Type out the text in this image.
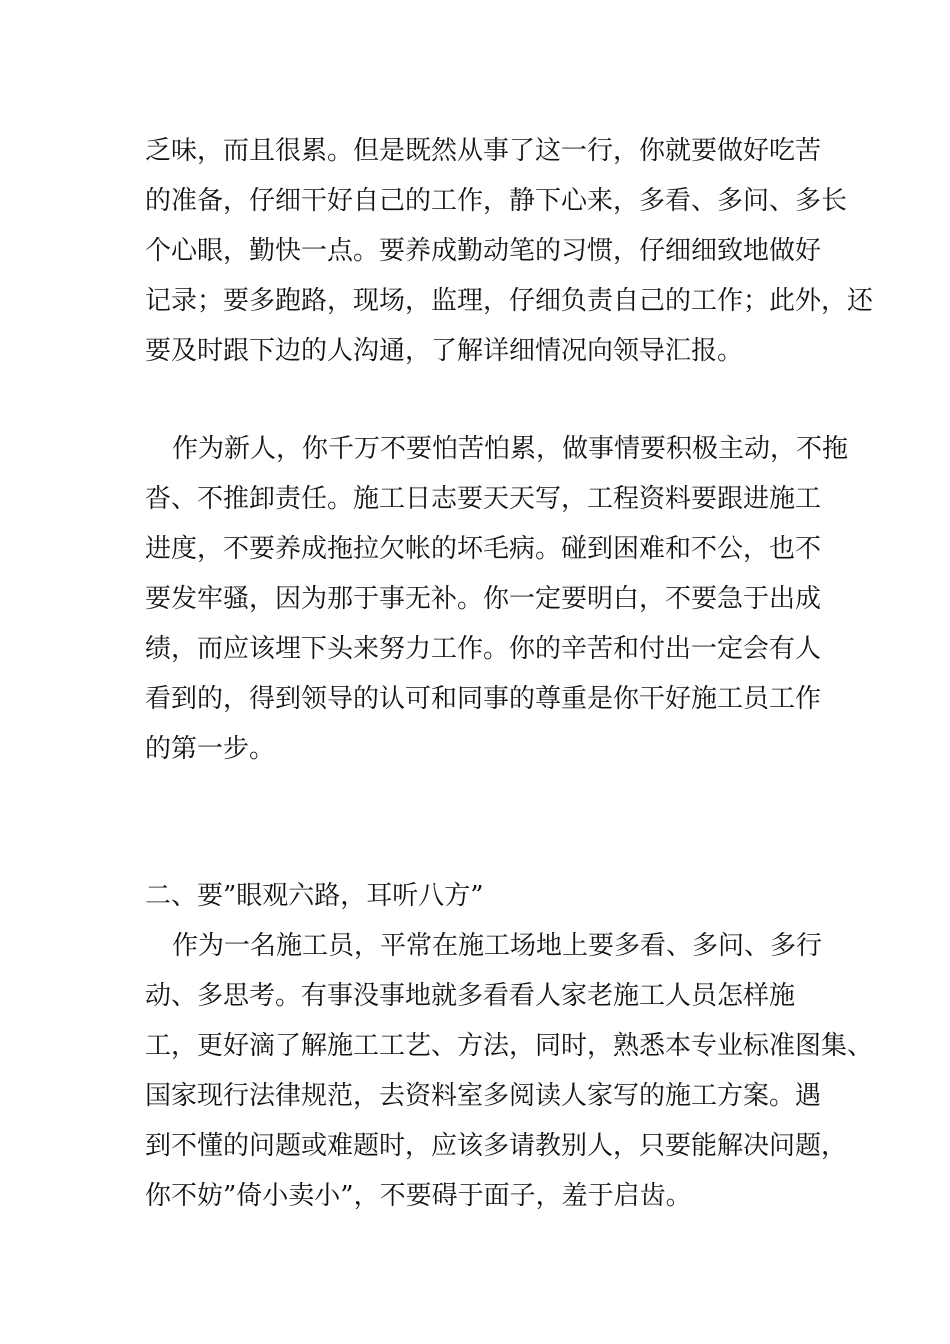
乏味，而且很累。但是既然从事了这一行，你就要做好吃苦
的准备，仔细干好自己的工作，静下心来，多看、多问、多长
个心眼，勤快一点。要养成勤动笔的习惯，仔细细致地做好
记录；要多跑路，现场，监理，仔细负责自己的工作；此外，还
要及时跟下边的人沟通，了解详细情况向领导汇报。
作为新人，你千万不要怕苦怕累，做事情要积极主动，不拖
沓、不推卸责任。施工日志要天天写，工程资料要跟进施工
进度，不要养成拖拉欠帐的坏毛病。碰到困难和不公，也不
要发牢骚，因为那于事无补。你一定要明白，不要急于出成
绩，而应该埋下头来努力工作。你的辛苦和付出一定会有人
看到的，得到领导的认可和同事的尊重是你干好施工员工作
的第一步。
二、要”眼观六路，耳听八方”
作为一名施工员，平常在施工场地上要多看、多问、多行
动、多思考。有事没事地就多看看人家老施工人员怎样施
工，更好滴了解施工工艺、方法，同时，熟悉本专业标准图集、
国家现行法律规范，去资料室多阅读人家写的施工方案。遇
到不懂的问题或难题时，应该多请教别人，只要能解决问题，
你不妨”倚小卖小”，不要碍于面子，羞于启齿。
